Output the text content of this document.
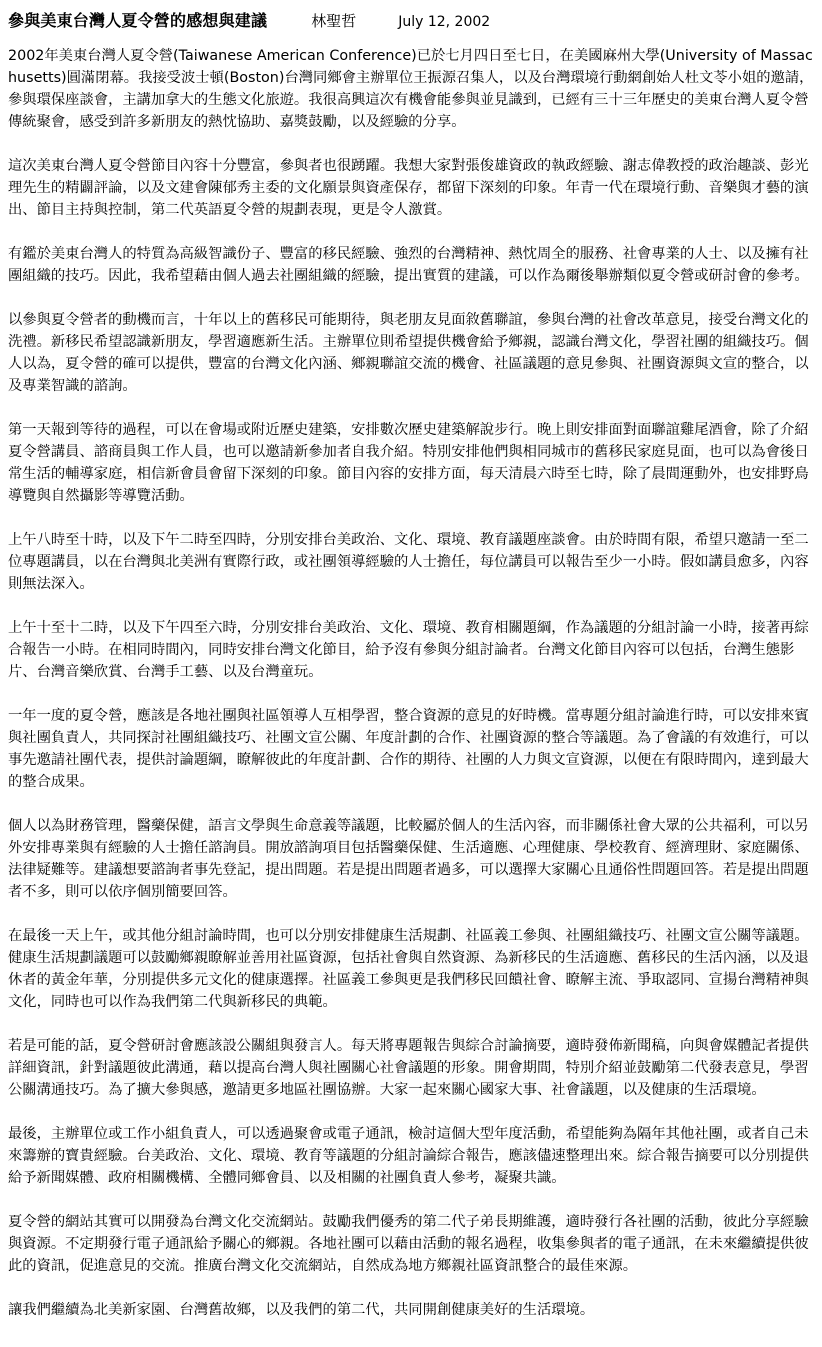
參與美東台灣人夏令營的感想與建議	林聖哲	July 12, 2002

2002年美東台灣人夏令營(Taiwanese American Conference)已於七月四日至七日，在美國麻州大學(University of Massachusetts)圓滿閉幕。我接受波士頓(Boston)台灣同鄉會主辦單位王振源召集人，以及台灣環境行動網創始人杜文苓小姐的邀請，參與環保座談會，主講加拿大的生態文化旅遊。我很高興這次有機會能參與並見識到，已經有三十三年歷史的美東台灣人夏令營傳統聚會，感受到許多新朋友的熱忱協助、嘉獎鼓勵，以及經驗的分享。

這次美東台灣人夏令營節目內容十分豐富，參與者也很踴躍。我想大家對張俊雄資政的執政經驗、謝志偉教授的政治趣談、彭光理先生的精闢評論，以及文建會陳郁秀主委的文化願景與資產保存，都留下深刻的印象。年青一代在環境行動、音樂與才藝的演出、節目主持與控制，第二代英語夏令營的規劃表現，更是令人激賞。

有鑑於美東台灣人的特質為高級智識份子、豐富的移民經驗、強烈的台灣精神、熱忱周全的服務、社會專業的人士、以及擁有社團組織的技巧。因此，我希望藉由個人過去社團組織的經驗，提出實質的建議，可以作為爾後舉辦類似夏令營或研討會的參考。

以參與夏令營者的動機而言，十年以上的舊移民可能期待，與老朋友見面敘舊聯誼，參與台灣的社會改革意見，接受台灣文化的洗禮。新移民希望認識新朋友，學習適應新生活。主辦單位則希望提供機會給予鄉親，認識台灣文化，學習社團的組織技巧。個人以為，夏令營的確可以提供，豐富的台灣文化內涵、鄉親聯誼交流的機會、社區議題的意見參與、社團資源與文宣的整合，以及專業智識的諮詢。

第一天報到等待的過程，可以在會場或附近歷史建築，安排數次歷史建築解說步行。晚上則安排面對面聯誼雞尾酒會，除了介紹夏令營講員、諮商員與工作人員，也可以邀請新參加者自我介紹。特別安排他們與相同城市的舊移民家庭見面，也可以為會後日常生活的輔導家庭，相信新會員會留下深刻的印象。節目內容的安排方面，每天清晨六時至七時，除了晨間運動外，也安排野鳥導覽與自然攝影等導覽活動。

上午八時至十時，以及下午二時至四時，分別安排台美政治、文化、環境、教育議題座談會。由於時間有限，希望只邀請一至二位專題講員，以在台灣與北美洲有實際行政，或社團領導經驗的人士擔任，每位講員可以報告至少一小時。假如講員愈多，內容則無法深入。

上午十至十二時，以及下午四至六時，分別安排台美政治、文化、環境、教育相關題綱，作為議題的分組討論一小時，接著再綜合報告一小時。在相同時間內，同時安排台灣文化節目，給予沒有參與分組討論者。台灣文化節目內容可以包括，台灣生態影片、台灣音樂欣賞、台灣手工藝、以及台灣童玩。

一年一度的夏令營，應該是各地社團與社區領導人互相學習，整合資源的意見的好時機。當專題分組討論進行時，可以安排來賓與社團負責人，共同探討社團組織技巧、社團文宣公關、年度計劃的合作、社團資源的整合等議題。為了會議的有效進行，可以事先邀請社團代表，提供討論題綱，瞭解彼此的年度計劃、合作的期待、社團的人力與文宣資源，以便在有限時間內，達到最大的整合成果。

個人以為財務管理，醫藥保健，語言文學與生命意義等議題，比較屬於個人的生活內容，而非關係社會大眾的公共福利，可以另外安排專業與有經驗的人士擔任諮詢員。開放諮詢項目包括醫藥保健、生活適應、心理健康、學校教育、經濟理財、家庭關係、法律疑難等。建議想要諮詢者事先登記，提出問題。若是提出問題者過多，可以選擇大家關心且通俗性問題回答。若是提出問題者不多，則可以依序個別簡要回答。

在最後一天上午，或其他分組討論時間，也可以分別安排健康生活規劃、社區義工參與、社團組織技巧、社團文宣公關等議題。健康生活規劃議題可以鼓勵鄉親瞭解並善用社區資源，包括社會與自然資源、為新移民的生活適應、舊移民的生活內涵，以及退休者的黃金年華，分別提供多元文化的健康選擇。社區義工參與更是我們移民回饋社會、瞭解主流、爭取認同、宣揚台灣精神與文化，同時也可以作為我們第二代與新移民的典範。

若是可能的話，夏令營研討會應該設公關組與發言人。每天將專題報告與綜合討論摘要，適時發佈新聞稿，向與會媒體記者提供詳細資訊，針對議題彼此溝通，藉以提高台灣人與社團關心社會議題的形象。開會期間，特別介紹並鼓勵第二代發表意見，學習公關溝通技巧。為了擴大參與感，邀請更多地區社團協辦。大家一起來關心國家大事、社會議題，以及健康的生活環境。

最後，主辦單位或工作小組負責人，可以透過聚會或電子通訊，檢討這個大型年度活動，希望能夠為隔年其他社團，或者自己未來籌辦的寶貴經驗。台美政治、文化、環境、教育等議題的分組討論綜合報告，應該儘速整理出來。綜合報告摘要可以分別提供給予新聞媒體、政府相關機構、全體同鄉會員、以及相關的社團負責人參考，凝聚共識。

夏令營的網站其實可以開發為台灣文化交流網站。鼓勵我們優秀的第二代子弟長期維護，適時發行各社團的活動，彼此分享經驗與資源。不定期發行電子通訊給予關心的鄉親。各地社團可以藉由活動的報名過程，收集參與者的電子通訊，在未來繼續提供彼此的資訊，促進意見的交流。推廣台灣文化交流網站，自然成為地方鄉親社區資訊整合的最佳來源。

讓我們繼續為北美新家園、台灣舊故鄉，以及我們的第二代，共同開創健康美好的生活環境。
